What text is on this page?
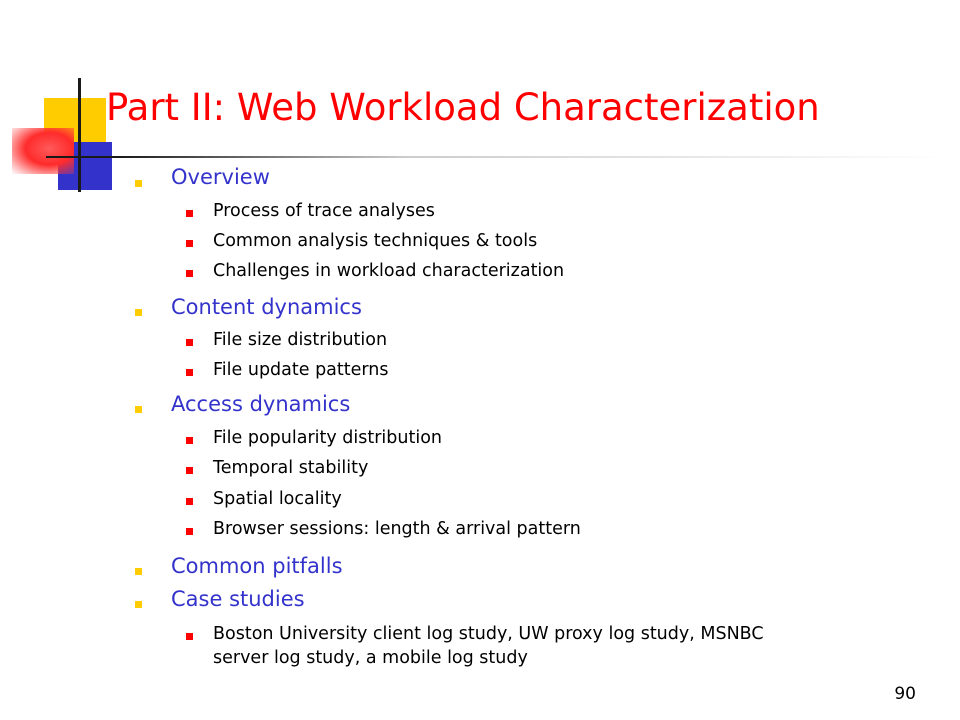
Part II: Web Workload Characterization
Overview
Process of trace analyses
Common analysis techniques & tools
Challenges in workload characterization
Content dynamics
File size distribution
File update patterns
Access dynamics
File popularity distribution
Temporal stability
Spatial locality
Browser sessions: length & arrival pattern
Common pitfalls
Case studies
Boston University client log study, UW proxy log study, MSNBC
server log study, a mobile log study
90
